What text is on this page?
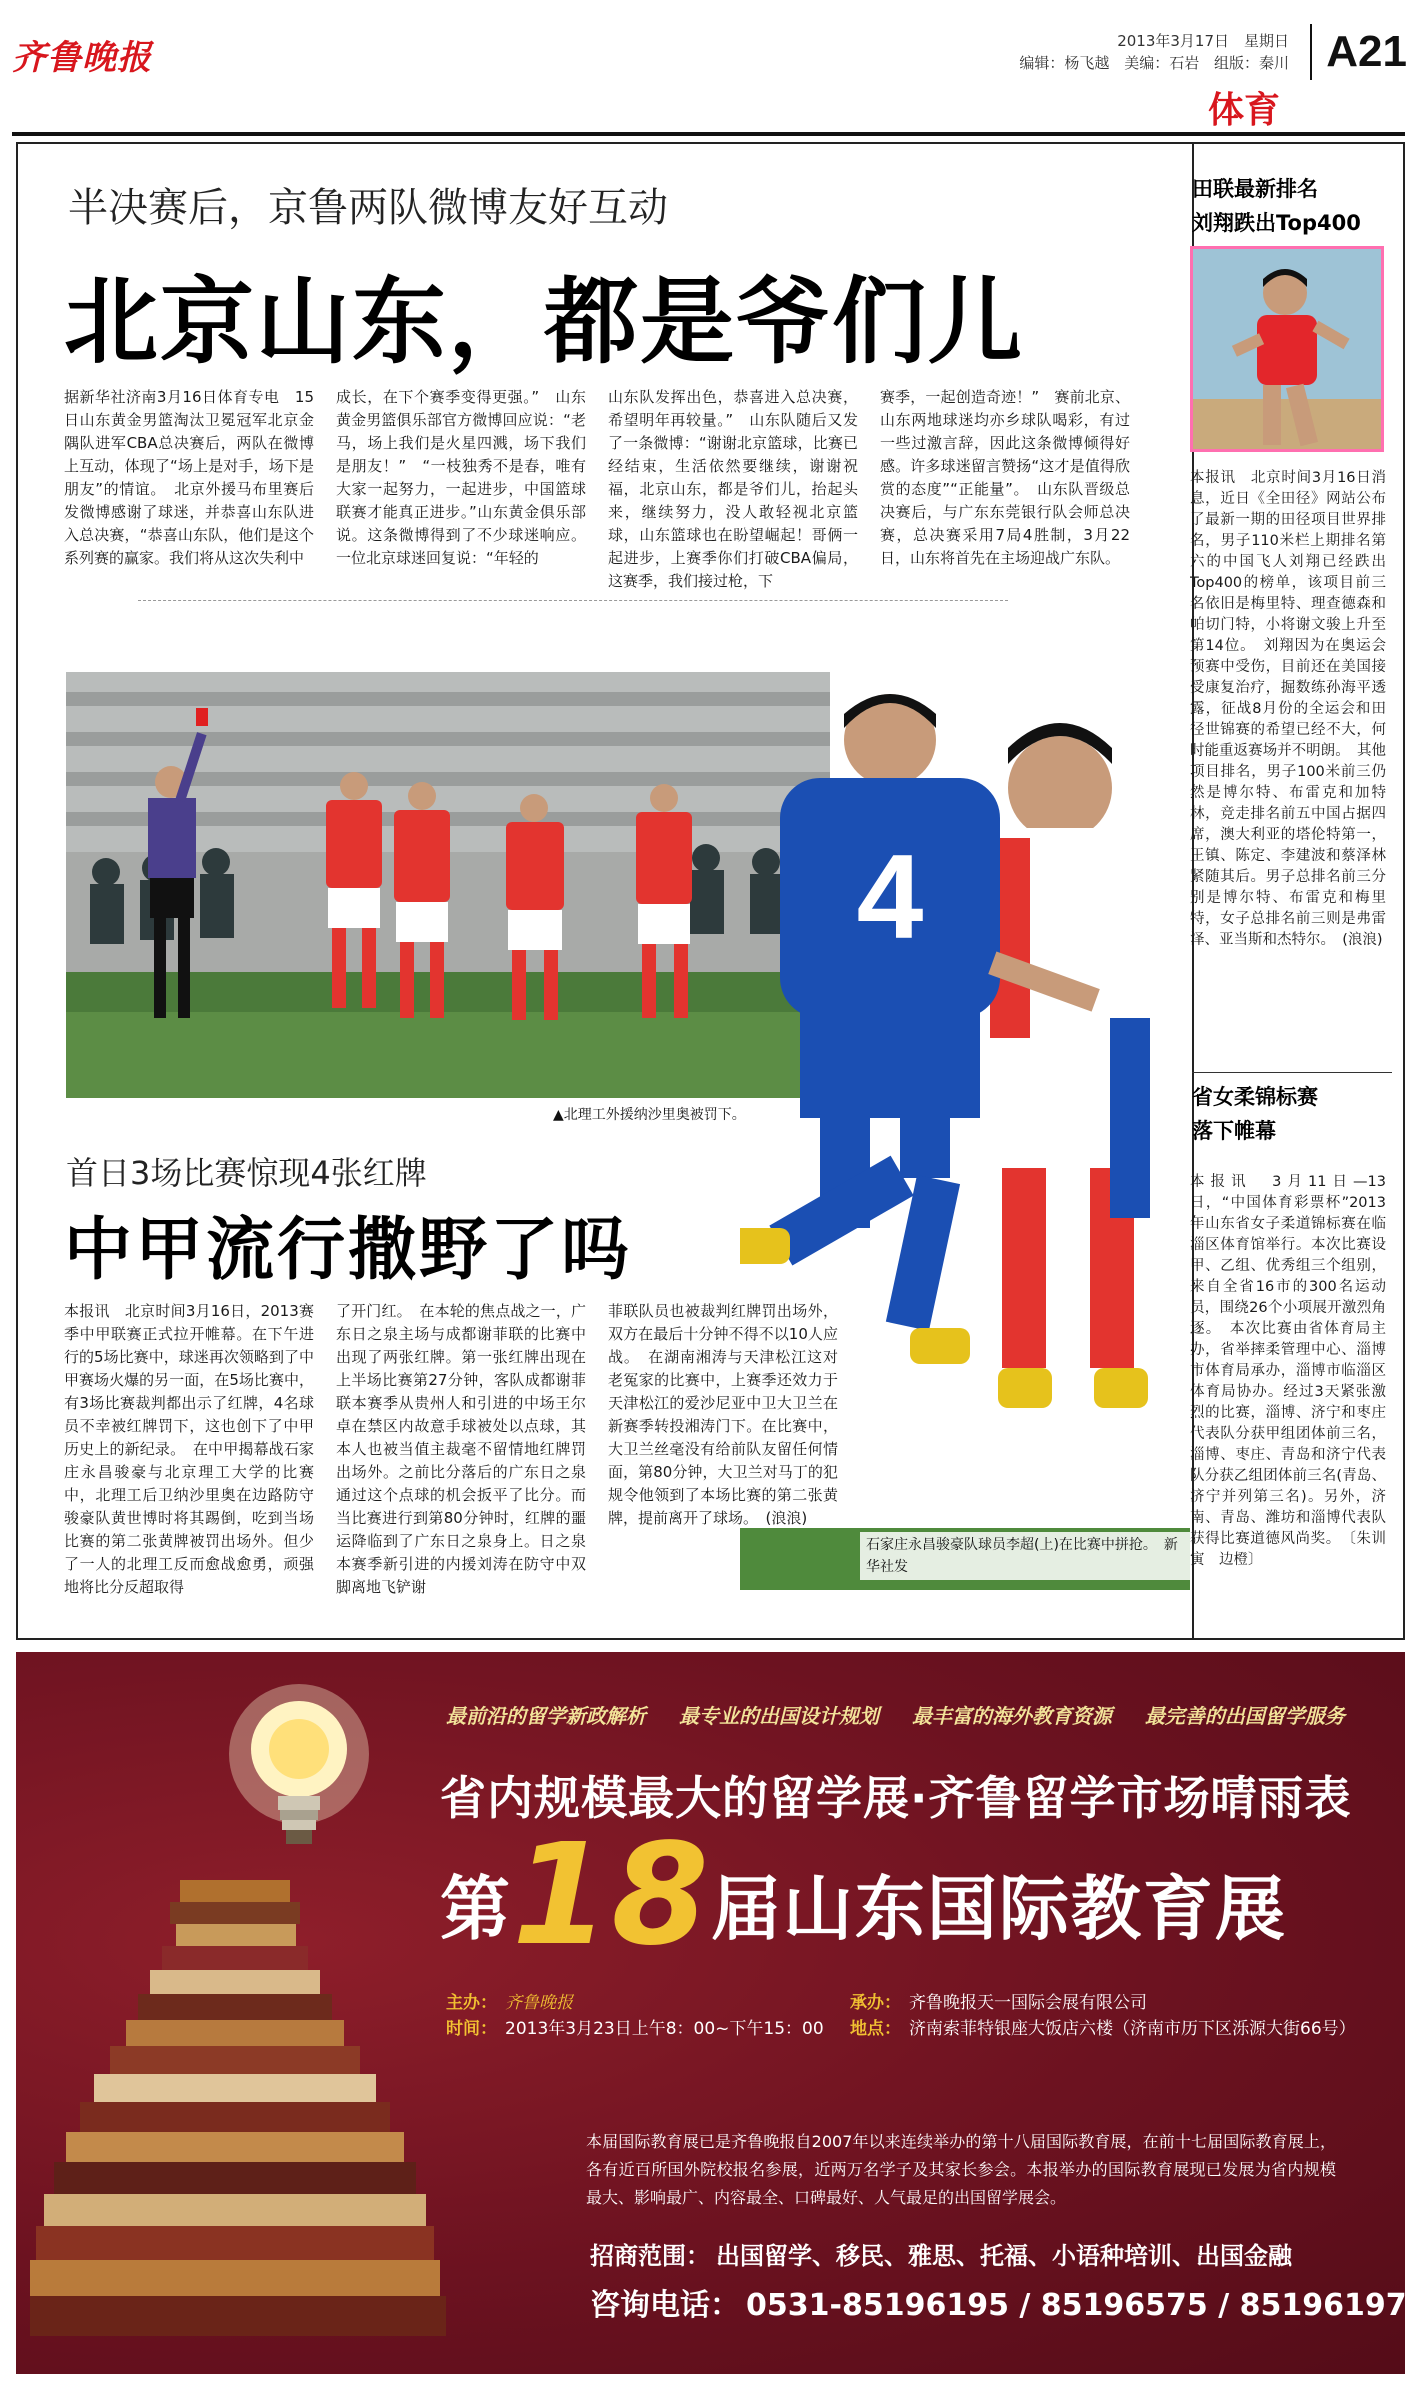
齐鲁晚报	2013年3月17日　星期日
编辑：杨飞越 美编：石岩 组版：秦川 A21
体育
半决赛后，京鲁两队微博友好互动
北京山东，都是爷们儿
据新华社济南3月16日体育专电　15日山东黄金男篮淘汰卫冕冠军北京金隅队进军CBA总决赛后，两队在微博上互动，体现了“场上是对手，场下是朋友”的情谊。　北京外援马布里赛后发微博感谢了球迷，并恭喜山东队进入总决赛，“恭喜山东队，他们是这个系列赛的赢家。我们将从这次失利中
成长，在下个赛季变得更强。”　山东黄金男篮俱乐部官方微博回应说：“老马，场上我们是火星四溅，场下我们是朋友！”　“一枝独秀不是春，唯有大家一起努力，一起进步，中国篮球联赛才能真正进步。”山东黄金俱乐部说。这条微博得到了不少球迷响应。一位北京球迷回复说：“年轻的
山东队发挥出色，恭喜进入总决赛，希望明年再较量。”　山东队随后又发了一条微博：“谢谢北京篮球，比赛已经结束，生活依然要继续，谢谢祝福，北京山东，都是爷们儿，抬起头来，继续努力，没人敢轻视北京篮球，山东篮球也在盼望崛起！哥俩一起进步，上赛季你们打破CBA偏局，这赛季，我们接过枪，下
赛季，一起创造奇迹！”　赛前北京、山东两地球迷均亦乡球队喝彩，有过一些过激言辞，因此这条微博倾得好感。许多球迷留言赞扬“这才是值得欣赏的态度”“正能量”。　山东队晋级总决赛后，与广东东莞银行队会师总决赛，总决赛采用7局4胜制，3月22日，山东将首先在主场迎战广东队。
▲北理工外援纳沙里奥被罚下。
4
石家庄永昌骏豪队球员李超(上)在比赛中拼抢。　新华社发
首日3场比赛惊现4张红牌
中甲流行撒野了吗
本报讯　北京时间3月16日，2013赛季中甲联赛正式拉开帷幕。在下午进行的5场比赛中，球迷再次领略到了中甲赛场火爆的另一面，在5场比赛中，有3场比赛裁判都出示了红牌，4名球员不幸被红牌罚下，这也创下了中甲历史上的新纪录。　在中甲揭幕战石家庄永昌骏豪与北京理工大学的比赛中，北理工后卫纳沙里奥在边路防守骏豪队黄世博时将其踢倒，吃到当场比赛的第二张黄牌被罚出场外。但少了一人的北理工反而愈战愈勇，顽强地将比分反超取得
了开门红。　在本轮的焦点战之一，广东日之泉主场与成都谢菲联的比赛中出现了两张红牌。第一张红牌出现在上半场比赛第27分钟，客队成都谢菲联本赛季从贵州人和引进的中场王尔卓在禁区内故意手球被处以点球，其本人也被当值主裁毫不留情地红牌罚出场外。之前比分落后的广东日之泉通过这个点球的机会扳平了比分。而当比赛进行到第80分钟时，红牌的噩运降临到了广东日之泉身上。日之泉本赛季新引进的内援刘涛在防守中双脚离地飞铲谢
菲联队员也被裁判红牌罚出场外，双方在最后十分钟不得不以10人应战。　在湖南湘涛与天津松江这对老冤家的比赛中，上赛季还效力于天津松江的爱沙尼亚中卫大卫兰在新赛季转投湘涛门下。在比赛中，大卫兰丝毫没有给前队友留任何情面，第80分钟，大卫兰对马丁的犯规令他领到了本场比赛的第二张黄牌，提前离开了球场。　(浪浪)
田联最新排名
刘翔跌出Top400
本报讯　北京时间3月16日消息，近日《全田径》网站公布了最新一期的田径项目世界排名，男子110米栏上期排名第六的中国飞人刘翔已经跌出Top400的榜单，该项目前三名依旧是梅里特、理查德森和帕切门特，小将谢文骏上升至第14位。　刘翔因为在奥运会预赛中受伤，目前还在美国接受康复治疗，掘数练孙海平透露，征战8月份的全运会和田径世锦赛的希望已经不大，何时能重返赛场并不明朗。　其他项目排名，男子100米前三仍然是博尔特、布雷克和加特林，竞走排名前五中国占据四席，澳大利亚的塔伦特第一，王镇、陈定、李建波和蔡泽林紧随其后。男子总排名前三分别是博尔特、布雷克和梅里特，女子总排名前三则是弗雷泽、亚当斯和杰特尔。　(浪浪)
省女柔锦标赛
落下帷幕
本报讯　3月11日—13日，“中国体育彩票杯”2013年山东省女子柔道锦标赛在临淄区体育馆举行。本次比赛设甲、乙组、优秀组三个组别，来自全省16市的300名运动员，围绕26个小项展开激烈角逐。　本次比赛由省体育局主办，省举摔柔管理中心、淄博市体育局承办，淄博市临淄区体育局协办。经过3天紧张激烈的比赛，淄博、济宁和枣庄代表队分获甲组团体前三名，淄博、枣庄、青岛和济宁代表队分获乙组团体前三名(青岛、济宁并列第三名)。另外，济南、青岛、潍坊和淄博代表队获得比赛道德风尚奖。　〔朱训寅　边橙〕
最前沿的留学新政解析 最专业的出国设计规划 最丰富的海外教育资源 最完善的出国留学服务
省内规模最大的留学展·齐鲁留学市场晴雨表
第18届山东国际教育展
主办： 齐鲁晚报
时间： 2013年3月23日上午8：00~下午15：00
承办： 齐鲁晚报天一国际会展有限公司
地点： 济南索菲特银座大饭店六楼（济南市历下区泺源大街66号）
本届国际教育展已是齐鲁晚报自2007年以来连续举办的第十八届国际教育展，在前十七届国际教育展上，各有近百所国外院校报名参展，近两万名学子及其家长参会。本报举办的国际教育展现已发展为省内规模最大、影响最广、内容最全、口碑最好、人气最足的出国留学展会。
招商范围： 出国留学、移民、雅思、托福、小语种培训、出国金融
咨询电话： 0531-85196195 / 85196575 / 85196197
